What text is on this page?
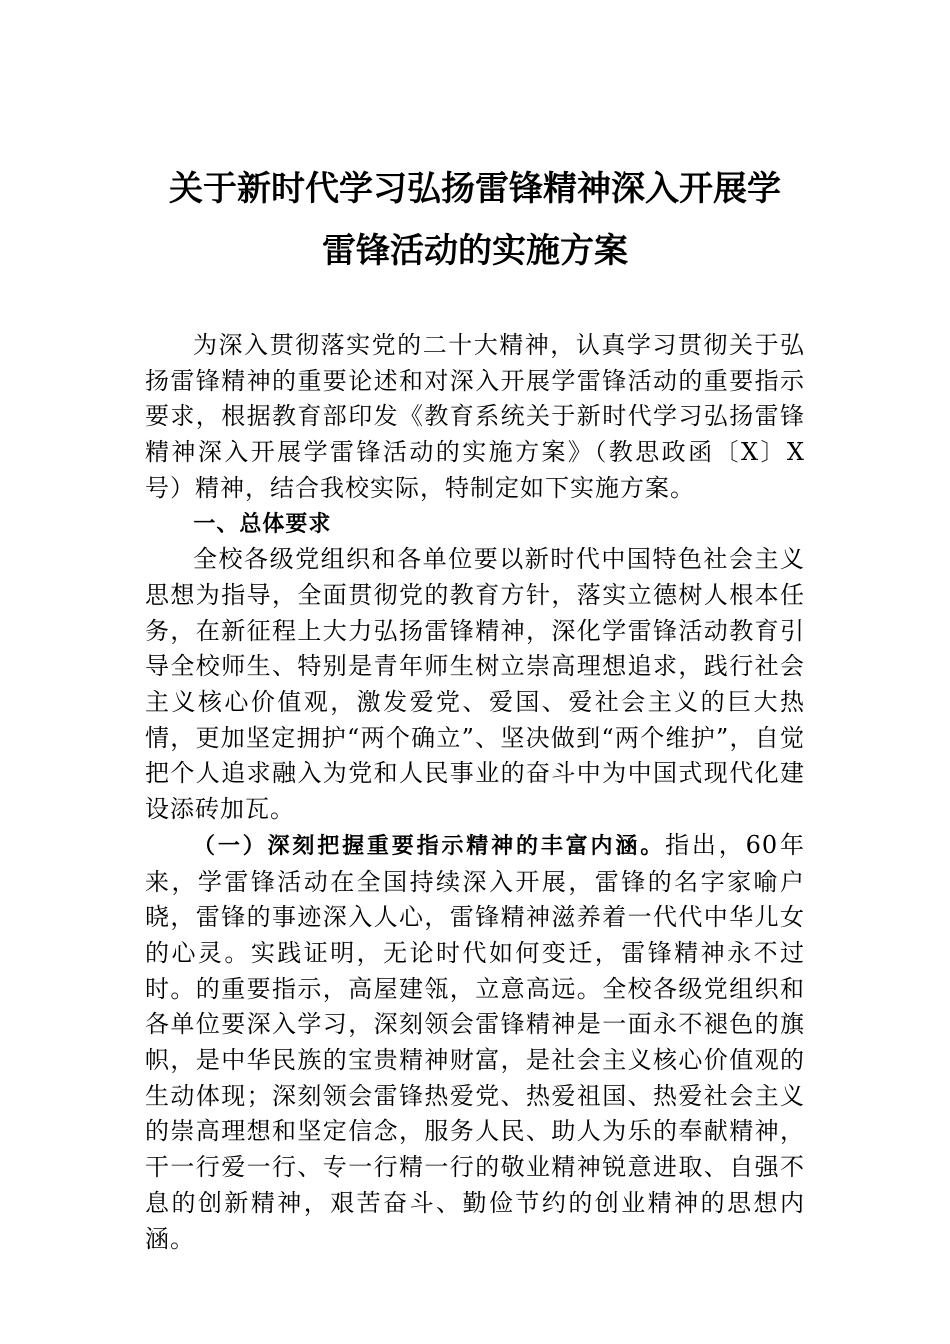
关于新时代学习弘扬雷锋精神深入开展学
雷锋活动的实施方案

为深入贯彻落实党的二十大精神，认真学习贯彻关于弘扬雷锋精神的重要论述和对深入开展学雷锋活动的重要指示要求，根据教育部印发《教育系统关于新时代学习弘扬雷锋精神深入开展学雷锋活动的实施方案》（教思政函〔X〕X号）精神，结合我校实际，特制定如下实施方案。

一、总体要求

全校各级党组织和各单位要以新时代中国特色社会主义思想为指导，全面贯彻党的教育方针，落实立德树人根本任务，在新征程上大力弘扬雷锋精神，深化学雷锋活动教育引导全校师生、特别是青年师生树立崇高理想追求，践行社会主义核心价值观，激发爱党、爱国、爱社会主义的巨大热情，更加坚定拥护“两个确立”、坚决做到“两个维护”，自觉把个人追求融入为党和人民事业的奋斗中为中国式现代化建设添砖加瓦。

（一）深刻把握重要指示精神的丰富内涵。指出，60年来，学雷锋活动在全国持续深入开展，雷锋的名字家喻户晓，雷锋的事迹深入人心，雷锋精神滋养着一代代中华儿女的心灵。实践证明，无论时代如何变迁，雷锋精神永不过时。的重要指示，高屋建瓴，立意高远。全校各级党组织和各单位要深入学习，深刻领会雷锋精神是一面永不褪色的旗帜，是中华民族的宝贵精神财富，是社会主义核心价值观的生动体现；深刻领会雷锋热爱党、热爱祖国、热爱社会主义的崇高理想和坚定信念，服务人民、助人为乐的奉献精神，干一行爱一行、专一行精一行的敬业精神锐意进取、自强不息的创新精神，艰苦奋斗、勤俭节约的创业精神的思想内涵。
